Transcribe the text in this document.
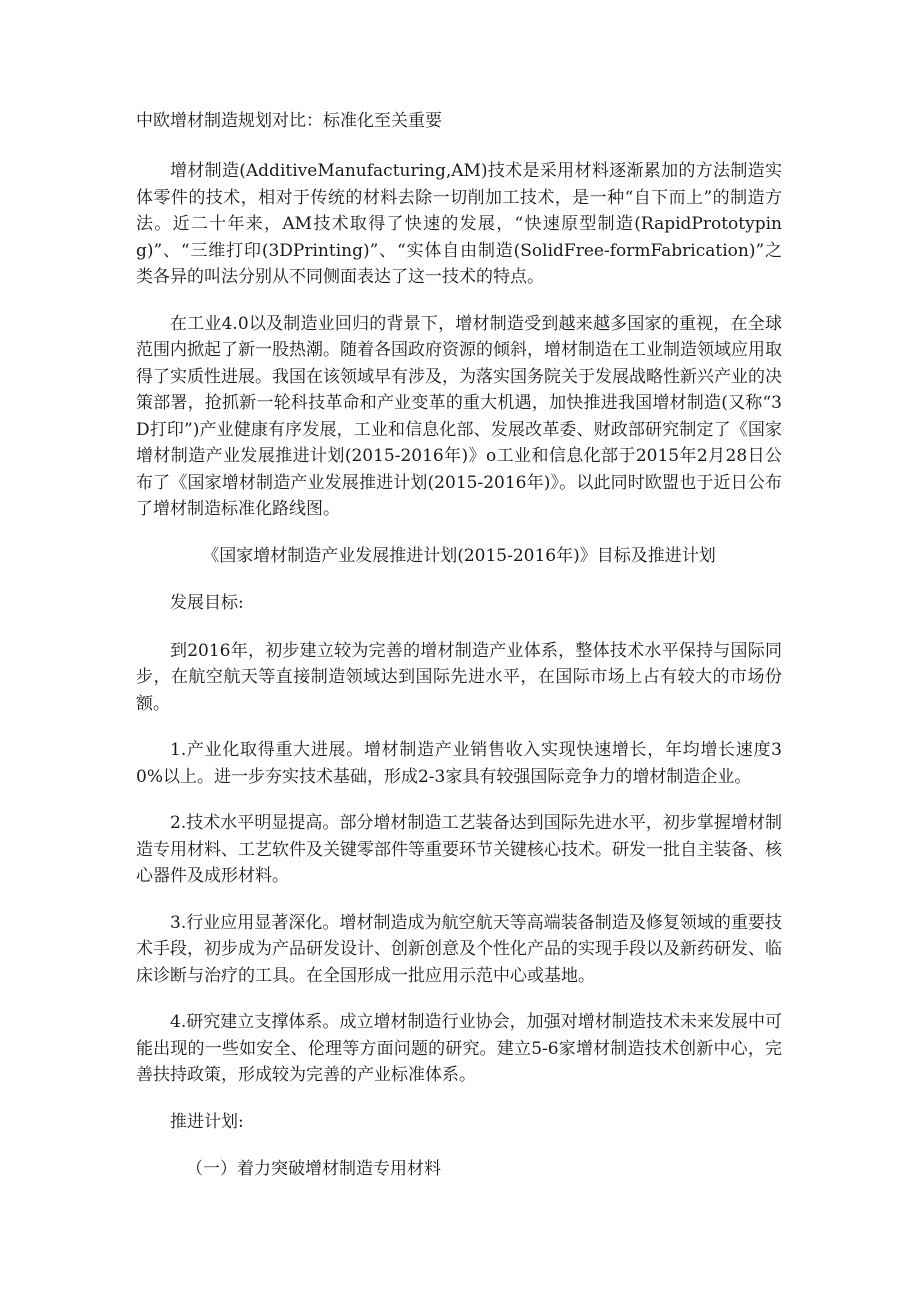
中欧增材制造规划对比：标准化至关重要

增材制造(AdditiveManufacturing,AM)技术是采用材料逐渐累加的方法制造实体零件的技术，相对于传统的材料去除一切削加工技术，是一种“自下而上”的制造方法。近二十年来，AM技术取得了快速的发展，“快速原型制造(RapidPrototyping)”、“三维打印(3DPrinting)”、“实体自由制造(SolidFree-formFabrication)”之类各异的叫法分别从不同侧面表达了这一技术的特点。

在工业4.0以及制造业回归的背景下，增材制造受到越来越多国家的重视，在全球范围内掀起了新一股热潮。随着各国政府资源的倾斜，增材制造在工业制造领域应用取得了实质性进展。我国在该领域早有涉及，为落实国务院关于发展战略性新兴产业的决策部署，抢抓新一轮科技革命和产业变革的重大机遇，加快推进我国增材制造(又称“3D打印”)产业健康有序发展，工业和信息化部、发展改革委、财政部研究制定了《国家增材制造产业发展推进计划(2015-2016年)》o工业和信息化部于2015年2月28日公布了《国家增材制造产业发展推进计划(2015-2016年)》。以此同时欧盟也于近日公布了增材制造标准化路线图。

《国家增材制造产业发展推进计划(2015-2016年)》目标及推进计划

发展目标:

到2016年，初步建立较为完善的增材制造产业体系，整体技术水平保持与国际同步，在航空航天等直接制造领域达到国际先进水平，在国际市场上占有较大的市场份额。

1.产业化取得重大进展。增材制造产业销售收入实现快速增长，年均增长速度30%以上。进一步夯实技术基础，形成2-3家具有较强国际竞争力的增材制造企业。

2.技术水平明显提高。部分增材制造工艺装备达到国际先进水平，初步掌握增材制造专用材料、工艺软件及关键零部件等重要环节关键核心技术。研发一批自主装备、核心器件及成形材料。

3.行业应用显著深化。增材制造成为航空航天等高端装备制造及修复领域的重要技术手段，初步成为产品研发设计、创新创意及个性化产品的实现手段以及新药研发、临床诊断与治疗的工具。在全国形成一批应用示范中心或基地。

4.研究建立支撑体系。成立增材制造行业协会，加强对增材制造技术未来发展中可能出现的一些如安全、伦理等方面问题的研究。建立5-6家增材制造技术创新中心，完善扶持政策，形成较为完善的产业标准体系。

推进计划:

（一）着力突破增材制造专用材料
